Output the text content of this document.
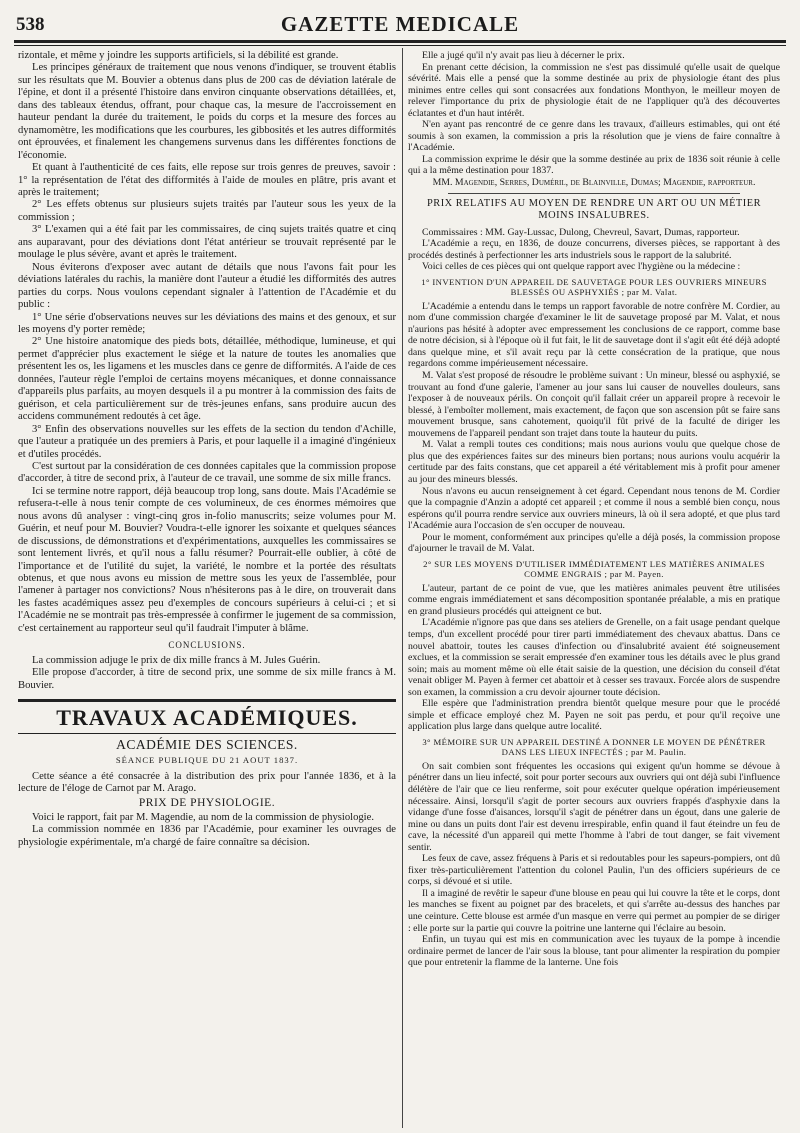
538	GAZETTE MEDICALE

rizontale, et même y joindre les supports artificiels, si la débilité est grande.

Les principes généraux de traitement que nous venons d'indiquer, se trouvent établis sur les résultats que M. Bouvier a obtenus dans plus de 200 cas de déviation latérale de l'épine, et dont il a présenté l'histoire dans environ cinquante observations détaillées, et, dans des tableaux étendus, offrant, pour chaque cas, la mesure de l'accroissement en hauteur pendant la durée du traitement, le poids du corps et la mesure des forces au dynamomètre, les modifications que les courbures, les gibbosités et les autres difformités ont éprouvées, et finalement les changemens survenus dans les différentes fonctions de l'économie.

Et quant à l'authenticité de ces faits, elle repose sur trois genres de preuves, savoir : 1° la représentation de l'état des difformités à l'aide de moules en plâtre, pris avant et après le traitement;

2° Les effets obtenus sur plusieurs sujets traités par l'auteur sous les yeux de la commission ;

3° L'examen qui a été fait par les commissaires, de cinq sujets traités quatre et cinq ans auparavant, pour des déviations dont l'état antérieur se trouvait représenté par le moulage le plus sévère, avant et après le traitement.

Nous éviterons d'exposer avec autant de détails que nous l'avons fait pour les déviations latérales du rachis, la manière dont l'auteur a étudié les difformités des autres parties du corps. Nous voulons cependant signaler à l'attention de l'Académie et du public :

1° Une série d'observations neuves sur les déviations des mains et des genoux, et sur les moyens d'y porter remède;

2° Une histoire anatomique des pieds bots, détaillée, méthodique, lumineuse, et qui permet d'apprécier plus exactement le siége et la nature de toutes les anomalies que présentent les os, les ligamens et les muscles dans ce genre de difformités. A l'aide de ces données, l'auteur règle l'emploi de certains moyens mécaniques, et donne connaissance d'appareils plus parfaits, au moyen desquels il a pu montrer à la commission des faits de guérison, et cela particulièrement sur de très-jeunes enfans, sans produire aucun des accidens communément redoutés à cet âge.

3° Enfin des observations nouvelles sur les effets de la section du tendon d'Achille, que l'auteur a pratiquée un des premiers à Paris, et pour laquelle il a imaginé d'ingénieux et d'utiles procédés.

C'est surtout par la considération de ces données capitales que la commission propose d'accorder, à titre de second prix, à l'auteur de ce travail, une somme de six mille francs.

Ici se termine notre rapport, déjà beaucoup trop long, sans doute. Mais l'Académie se refusera-t-elle à nous tenir compte de ces volumineux, de ces énormes mémoires que nous avons dû analyser : vingt-cinq gros in-folio manuscrits; seize volumes pour M. Guérin, et neuf pour M. Bouvier? Voudra-t-elle ignorer les soixante et quelques séances de discussions, de démonstrations et d'expérimentations, auxquelles les commissaires se sont lentement livrés, et qu'il nous a fallu résumer? Pourrait-elle oublier, à côté de l'importance et de l'utilité du sujet, la variété, le nombre et la portée des résultats obtenus, et que nous avons eu mission de mettre sous les yeux de l'assemblée, pour l'amener à partager nos convictions? Nous n'hésiterons pas à le dire, on trouverait dans les fastes académiques assez peu d'exemples de concours supérieurs à celui-ci ; et si l'Académie ne se montrait pas très-empressée à confirmer le jugement de sa commission, c'est certainement au rapporteur seul qu'il faudrait l'imputer à blâme.

CONCLUSIONS.

La commission adjuge le prix de dix mille francs à M. Jules Guérin.

Elle propose d'accorder, à titre de second prix, une somme de six mille francs à M. Bouvier.

TRAVAUX ACADÉMIQUES.
ACADÉMIE DES SCIENCES.
SÉANCE PUBLIQUE DU 21 AOUT 1837.

Cette séance a été consacrée à la distribution des prix pour l'année 1836, et à la lecture de l'éloge de Carnot par M. Arago.

PRIX DE PHYSIOLOGIE.

Voici le rapport, fait par M. Magendie, au nom de la commission de physiologie.

La commission nommée en 1836 par l'Académie, pour examiner les ouvrages de physiologie expérimentale, m'a chargé de faire connaître sa décision.

Elle a jugé qu'il n'y avait pas lieu à décerner le prix.

En prenant cette décision, la commission ne s'est pas dissimulé qu'elle usait de quelque sévérité. Mais elle a pensé que la somme destinée au prix de physiologie étant des plus minimes entre celles qui sont consacrées aux fondations Monthyon, le meilleur moyen de relever l'importance du prix de physiologie était de ne l'appliquer qu'à des découvertes éclatantes et d'un haut intérêt.

N'en ayant pas rencontré de ce genre dans les travaux, d'ailleurs estimables, qui ont été soumis à son examen, la commission a pris la résolution que je viens de faire connaître à l'Académie.

La commission exprime le désir que la somme destinée au prix de 1836 soit réunie à celle qui a la même destination pour 1837.

MM. Magendie, Serres, Duméril, de Blainville, Dumas; Magendie, rapporteur.

PRIX RELATIFS AU MOYEN DE RENDRE UN ART OU UN MÉTIER MOINS INSALUBRES.

Commissaires : MM. Gay-Lussac, Dulong, Chevreul, Savart, Dumas, rapporteur.

L'Académie a reçu, en 1836, de douze concurrens, diverses pièces, se rapportant à des procédés destinés à perfectionner les arts industriels sous le rapport de la salubrité.

Voici celles de ces pièces qui ont quelque rapport avec l'hygiène ou la médecine :

1° INVENTION D'UN APPAREIL DE SAUVETAGE POUR LES OUVRIERS MINEURS BLESSÉS OU ASPHYXIÉS ; par M. Valat.

L'Académie a entendu dans le temps un rapport favorable de notre confrère M. Cordier, au nom d'une commission chargée d'examiner le lit de sauvetage proposé par M. Valat, et nous n'aurions pas hésité à adopter avec empressement les conclusions de ce rapport, comme base de notre décision, si à l'époque où il fut fait, le lit de sauvetage dont il s'agit eût été déjà adopté dans quelque mine, et s'il avait reçu par là cette consécration de la pratique, que nous regardons comme impérieusement nécessaire.

M. Valat s'est proposé de résoudre le problème suivant : Un mineur, blessé ou asphyxié, se trouvant au fond d'une galerie, l'amener au jour sans lui causer de nouvelles douleurs, sans l'exposer à de nouveaux périls. On conçoit qu'il fallait créer un appareil propre à recevoir le blessé, à l'emboîter mollement, mais exactement, de façon que son ascension pût se faire sans mouvement brusque, sans cahotement, quoiqu'il fût privé de la faculté de diriger les mouvemens de l'appareil pendant son trajet dans toute la hauteur du puits.

M. Valat a rempli toutes ces conditions; mais nous aurions voulu que quelque chose de plus que des expériences faites sur des mineurs bien portans; nous aurions voulu acquérir la certitude par des faits constans, que cet appareil a été véritablement mis à profit pour amener au jour des mineurs blessés.

Nous n'avons eu aucun renseignement à cet égard. Cependant nous tenons de M. Cordier que la compagnie d'Anzin a adopté cet appareil ; et comme il nous a semblé bien conçu, nous espérons qu'il pourra rendre service aux ouvriers mineurs, là où il sera adopté, et que plus tard l'Académie aura l'occasion de s'en occuper de nouveau.

Pour le moment, conformément aux principes qu'elle a déjà posés, la commission propose d'ajourner le travail de M. Valat.

2° SUR LES MOYENS D'UTILISER IMMÉDIATEMENT LES MATIÈRES ANIMALES COMME ENGRAIS ; par M. Payen.

L'auteur, partant de ce point de vue, que les matières animales peuvent être utilisées comme engrais immédiatement et sans décomposition spontanée préalable, a mis en pratique en grand plusieurs procédés qui atteignent ce but.

L'Académie n'ignore pas que dans ses ateliers de Grenelle, on a fait usage pendant quelque temps, d'un excellent procédé pour tirer parti immédiatement des chevaux abattus. Dans ce nouvel abattoir, toutes les causes d'infection ou d'insalubrité avaient été soigneusement exclues, et la commission se serait empressée d'en examiner tous les détails avec le plus grand soin; mais au moment même où elle était saisie de la question, une décision du conseil d'état venait obliger M. Payen à fermer cet abattoir et à cesser ses travaux. Forcée alors de suspendre son examen, la commission a cru devoir ajourner toute décision.

Elle espère que l'administration prendra bientôt quelque mesure pour que le procédé simple et efficace employé chez M. Payen ne soit pas perdu, et pour qu'il reçoive une application plus large dans quelque autre localité.

3° MÉMOIRE SUR UN APPAREIL DESTINÉ A DONNER LE MOYEN DE PÉNÉTRER DANS LES LIEUX INFECTÉS ; par M. Paulin.

On sait combien sont fréquentes les occasions qui exigent qu'un homme se dévoue à pénétrer dans un lieu infecté, soit pour porter secours aux ouvriers qui ont déjà subi l'influence délétère de l'air que ce lieu renferme, soit pour exécuter quelque opération impérieusement nécessaire. Ainsi, lorsqu'il s'agit de porter secours aux ouvriers frappés d'asphyxie dans la vidange d'une fosse d'aisances, lorsqu'il s'agit de pénétrer dans un égout, dans une galerie de mine ou dans un puits dont l'air est devenu irrespirable, enfin quand il faut éteindre un feu de cave, la nécessité d'un appareil qui mette l'homme à l'abri de tout danger, se fait vivement sentir.

Les feux de cave, assez fréquens à Paris et si redoutables pour les sapeurs-pompiers, ont dû fixer très-particulièrement l'attention du colonel Paulin, l'un des officiers supérieurs de ce corps, si dévoué et si utile.

Il a imaginé de revêtir le sapeur d'une blouse en peau qui lui couvre la tête et le corps, dont les manches se fixent au poignet par des bracelets, et qui s'arrête au-dessus des hanches par une ceinture. Cette blouse est armée d'un masque en verre qui permet au pompier de se diriger : elle porte sur la partie qui couvre la poitrine une lanterne qui l'éclaire au besoin.

Enfin, un tuyau qui est mis en communication avec les tuyaux de la pompe à incendie ordinaire permet de lancer de l'air sous la blouse, tant pour alimenter la respiration du pompier que pour entretenir la flamme de la lanterne. Une fois
